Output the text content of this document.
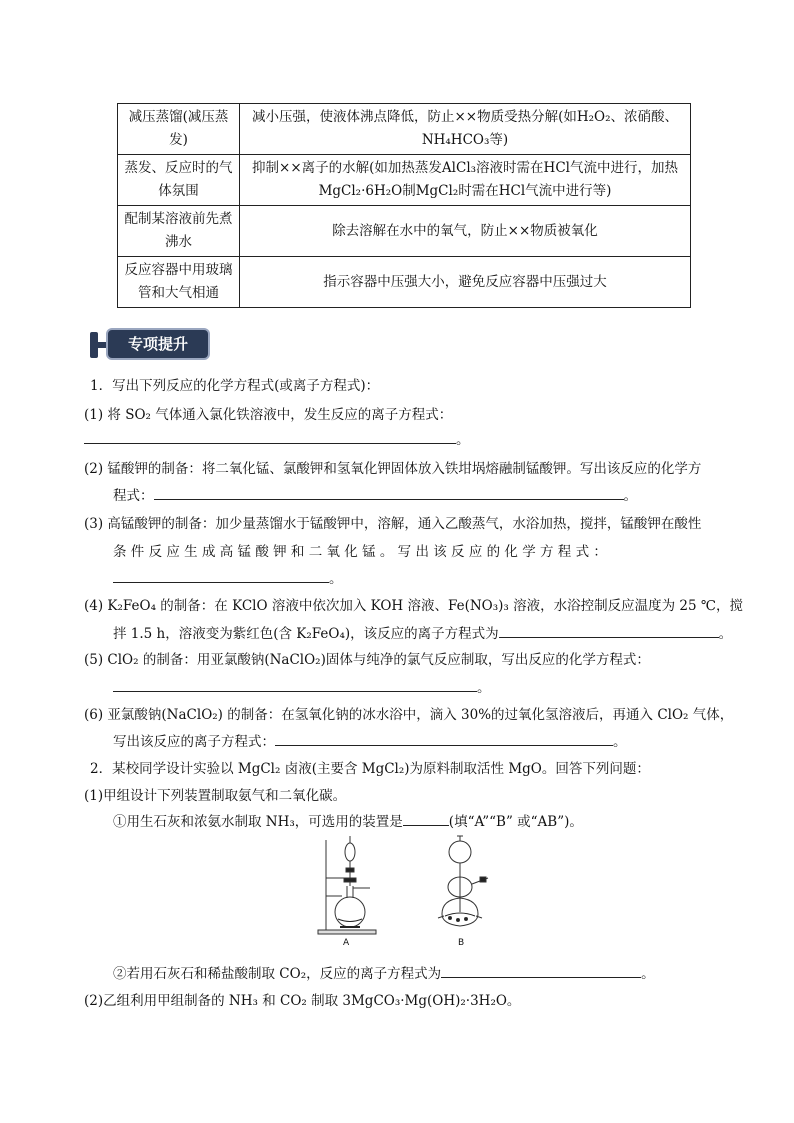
减压蒸馏(减压蒸发)	减小压强，使液体沸点降低，防止××物质受热分解(如H₂O₂、浓硝酸、NH₄HCO₃等)
蒸发、反应时的气体氛围	抑制××离子的水解(如加热蒸发AlCl₃溶液时需在HCl气流中进行，加热MgCl₂·6H₂O制MgCl₂时需在HCl气流中进行等)
配制某溶液前先煮沸水	除去溶解在水中的氧气，防止××物质被氧化
反应容器中用玻璃管和大气相通	指示容器中压强大小，避免反应容器中压强过大
专项提升
1．写出下列反应的化学方程式(或离子方程式)：
(1) 将 SO₂ 气体通入氯化铁溶液中，发生反应的离子方程式：
。
(2) 锰酸钾的制备：将二氧化锰、氯酸钾和氢氧化钾固体放入铁坩埚熔融制锰酸钾。写出该反应的化学方
程式：	。
(3) 高锰酸钾的制备：加少量蒸馏水于锰酸钾中，溶解，通入乙酸蒸气，水浴加热，搅拌，锰酸钾在酸性
条 件 反 应 生 成 高 锰 酸 钾 和 二 氧 化 锰 。 写 出 该 反 应 的 化 学 方 程 式 ：
。
(4) K₂FeO₄ 的制备：在 KClO 溶液中依次加入 KOH 溶液、Fe(NO₃)₃ 溶液，水浴控制反应温度为 25 ℃，搅
拌 1.5 h，溶液变为紫红色(含 K₂FeO₄)，该反应的离子方程式为	。
(5) ClO₂ 的制备：用亚氯酸钠(NaClO₂)固体与纯净的氯气反应制取，写出反应的化学方程式：
。
(6) 亚氯酸钠(NaClO₂) 的制备：在氢氧化钠的冰水浴中，滴入 30%的过氧化氢溶液后，再通入 ClO₂ 气体，
写出该反应的离子方程式：	。
2．某校同学设计实验以 MgCl₂ 卤液(主要含 MgCl₂)为原料制取活性 MgO。回答下列问题：
(1)甲组设计下列装置制取氨气和二氧化碳。
①用生石灰和浓氨水制取 NH₃，可选用的装置是	(填“A”“B” 或“AB”)。
A	B
②若用石灰石和稀盐酸制取 CO₂，反应的离子方程式为	。
(2)乙组利用甲组制备的 NH₃ 和 CO₂ 制取 3MgCO₃·Mg(OH)₂·3H₂O。
